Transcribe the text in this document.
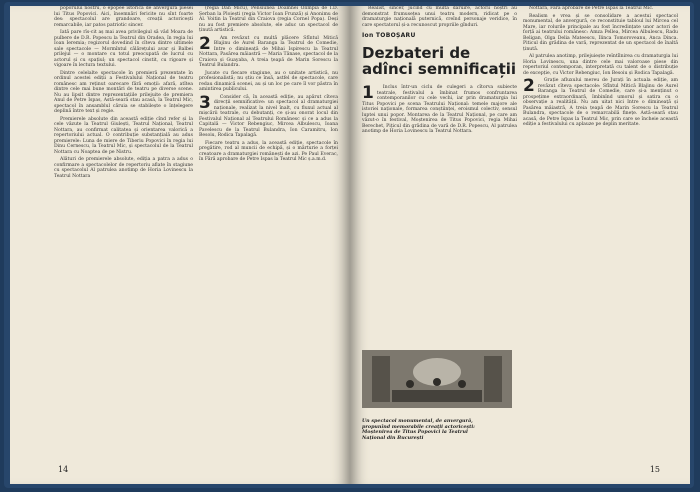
poporului nostru, o epopee istorică de anvergura piesei lui Titus Popovici. Aici, însemnări fericite nu sînt foarte des: spectacolul are grandoare, creații actoricești remarcabile, iar patos patriotic sincer.

Iată pare rîs-cit aș mai avea privilegiul să văd Moara de pulbere de D.R. Popescu la Teatrul din Oradea, în regia lui Ioan Ieremia; regizorul dovedind în cîteva dintre ultimele sale spectacole — Mormîntul călărețului avar și Balbei prilejul — o montare cu totul preocupată de lucrul cu actorul și cu spațiul; un spectacol cinstit, cu rigoare și vigoare în lectura textului.

Dintre celelalte spectacole în premieră prezentate în ordinul acestei ediții a Festivalului Național de teatru românesc am reținut oarecare fără emoții: afară, atîtea dintre cele mai bune montări de teatru pe diverse scene. Nu au lipsit dintre reprezentațiile prilejuite de premiera Anul de Petre Ispas, Astă-seară stau acasă, la Teatrul Mic, spectacol în ansamblul căruia se stabilește o înțelegere deplină între text și regie.

Premierele absolute din această ediție cînd refer și la cele văzute la Teatrul Giulești, Teatrul Național, Teatrul Nottara, au confirmat calitatea și orientarea valorică a repertoriului actual. O contribuție substanțială au adus premierele: Luna de miere de Tiberiu Popovici în regia lui Dinu Cernescu, la Teatrul Mic, și spectacolul de la Teatrul Nottara cu Noaptea de pe Nistru.

Alături de premierele absolute, ediția a patra a adus o confirmare a spectacolelor de repertoriu aflate în stagiune cu spectacolul Al patrulea anotimp de Horia Lovinescu la Teatrul Nottara

(regia Dan Micu), Pensiunea Doamnei Olimpia de I.D. Șerban la Ploiești (regia Victor Ioan Frunză) și Anonimu de Al. Voitin la Teatrul din Craiova (regia Cornel Popa). Deși nu au fost premiere absolute, ele aduc un spectacol de ținută artistică.

2	Am revăzut cu multă plăcere Sfîntul Mitică Blajinu de Aurel Baranga la Teatrul de Comedie, Intre o dimineață de Mihai Ispirescu la Teatrul Nottara, Pasărea măiastră — Maria Tănase, spectacol de la Craiova și Guayaba, A treia țeapă de Marin Sorescu la Teatrul Bulandra.

Jucate cu fiecare stagiune, au o unitate artistică, nu profesionalistă; nu știu ce însă, astfel de spectacole, care redau dinamică scenei, au și un loc pe care îl vor păstra în amintirea publicului.

3	Consider că, în această ediție, au apărut cîteva direcții semnificative: un spectacol al dramaturgiei naționale, realizat la nivel înalt, cu fluxul actual al mișcării teatrale, cu debutanți, ce și-au onorat locul din Festivalul Național al Teatrului Românesc și ce a adus la Capitală — Victor Rebengiuc, Mircea Albulescu, Ioana Pavelescu de la Teatrul Bulandra, Ion Caramitru, Ion Besoiu, Rodica Tapalagă.

Fiecare teatru a adus, la această ediție, spectacole în pregătire, rod al muncii de echipă, și o mărturie a forței creatoare a dramaturgiei românești de azi. Pe Paul Everac, în Fără aprobare de Petre Ispas la Teatrul Mic ș.a.m.d.

14

Realist, sincer, jucînd cu multă dăruire, actorii noștri au demonstrat frumusețea unui teatru modern, ridicat pe o dramaturgie națională puternică, creînd personaje veridice, în care spectatorul și-a recunoscut propriile gînduri.

Ion TOBOȘARU
Dezbateri de
adînci semnificații
1	Inclus într-un ciclu de culegeri a cîtorva subiecte teatrale, festivalul a îmbinat frumos confruntarea contemporanilor cu cele vechi, iar prin dramaturgia lui Titus Popovici pe scena Teatrului Național: temele majore ale istoriei naționale, formarea conștiinței, eroismul colectiv, sensul luptei unui popor. Montarea de la Teatrul Național, pe care am văzut-o în festival, Moștenirea de Titus Popovici, regia Mihai Berechet, Pițicul din grădina de vară de D.R. Popescu, Al patrulea anotimp de Horia Lovinescu la Teatrul Nottara.

Nottara, Fără aprobare de Petre Ispas la Teatrul Mic.

Realism e vrea și se consolidare a acestui spectacol monumental, de anvergură, ce reconstituie tabloul lui Mircea cel Mare, iar rolurile principale au fost încredințate unor actori de forță ai teatrului românesc: Amza Pellea, Mircea Albulescu, Radu Beligan, Olga Delia Mateescu, Ilinca Tomoroveanu, Anca Dinca. Piticul din grădina de vară, reprezentat de un spectacol de înaltă ținută.

Al patrulea anotimp, prilejuiește reîntîlnirea cu dramaturgia lui Horia Lovinescu, una dintre cele mai valoroase piese din repertoriul contemporan, interpretată cu talent de o distribuție de excepție, cu Victor Rebengiuc, Ion Besoiu și Rodica Tapalagă.

2	Grație afluxului mereu de Jurați în actuala ediție, am revăzut cîteva spectacole: Sfîntul Mitică Blajinu de Aurel Baranga la Teatrul de Comedie, care și-a menținut o prospețime extraordinară, îmbinînd umorul și satira cu o observație a realității. Nu am uitat nici Intre o dimineață și Pasărea măiastră, A treia țeapă de Marin Sorescu la Teatrul Bulandra, spectacole de o remarcabilă finețe. Astă-seară stau acasă, de Petre Ispas la Teatrul Mic, prin care se încheie această ediție a festivalului cu aplauze pe deplin meritate.

Un spectacol monumental, de anvergură, propunînd memorabile creații actoricești: Moștenirea de Titus Popovici la Teatrul Național din București

15
